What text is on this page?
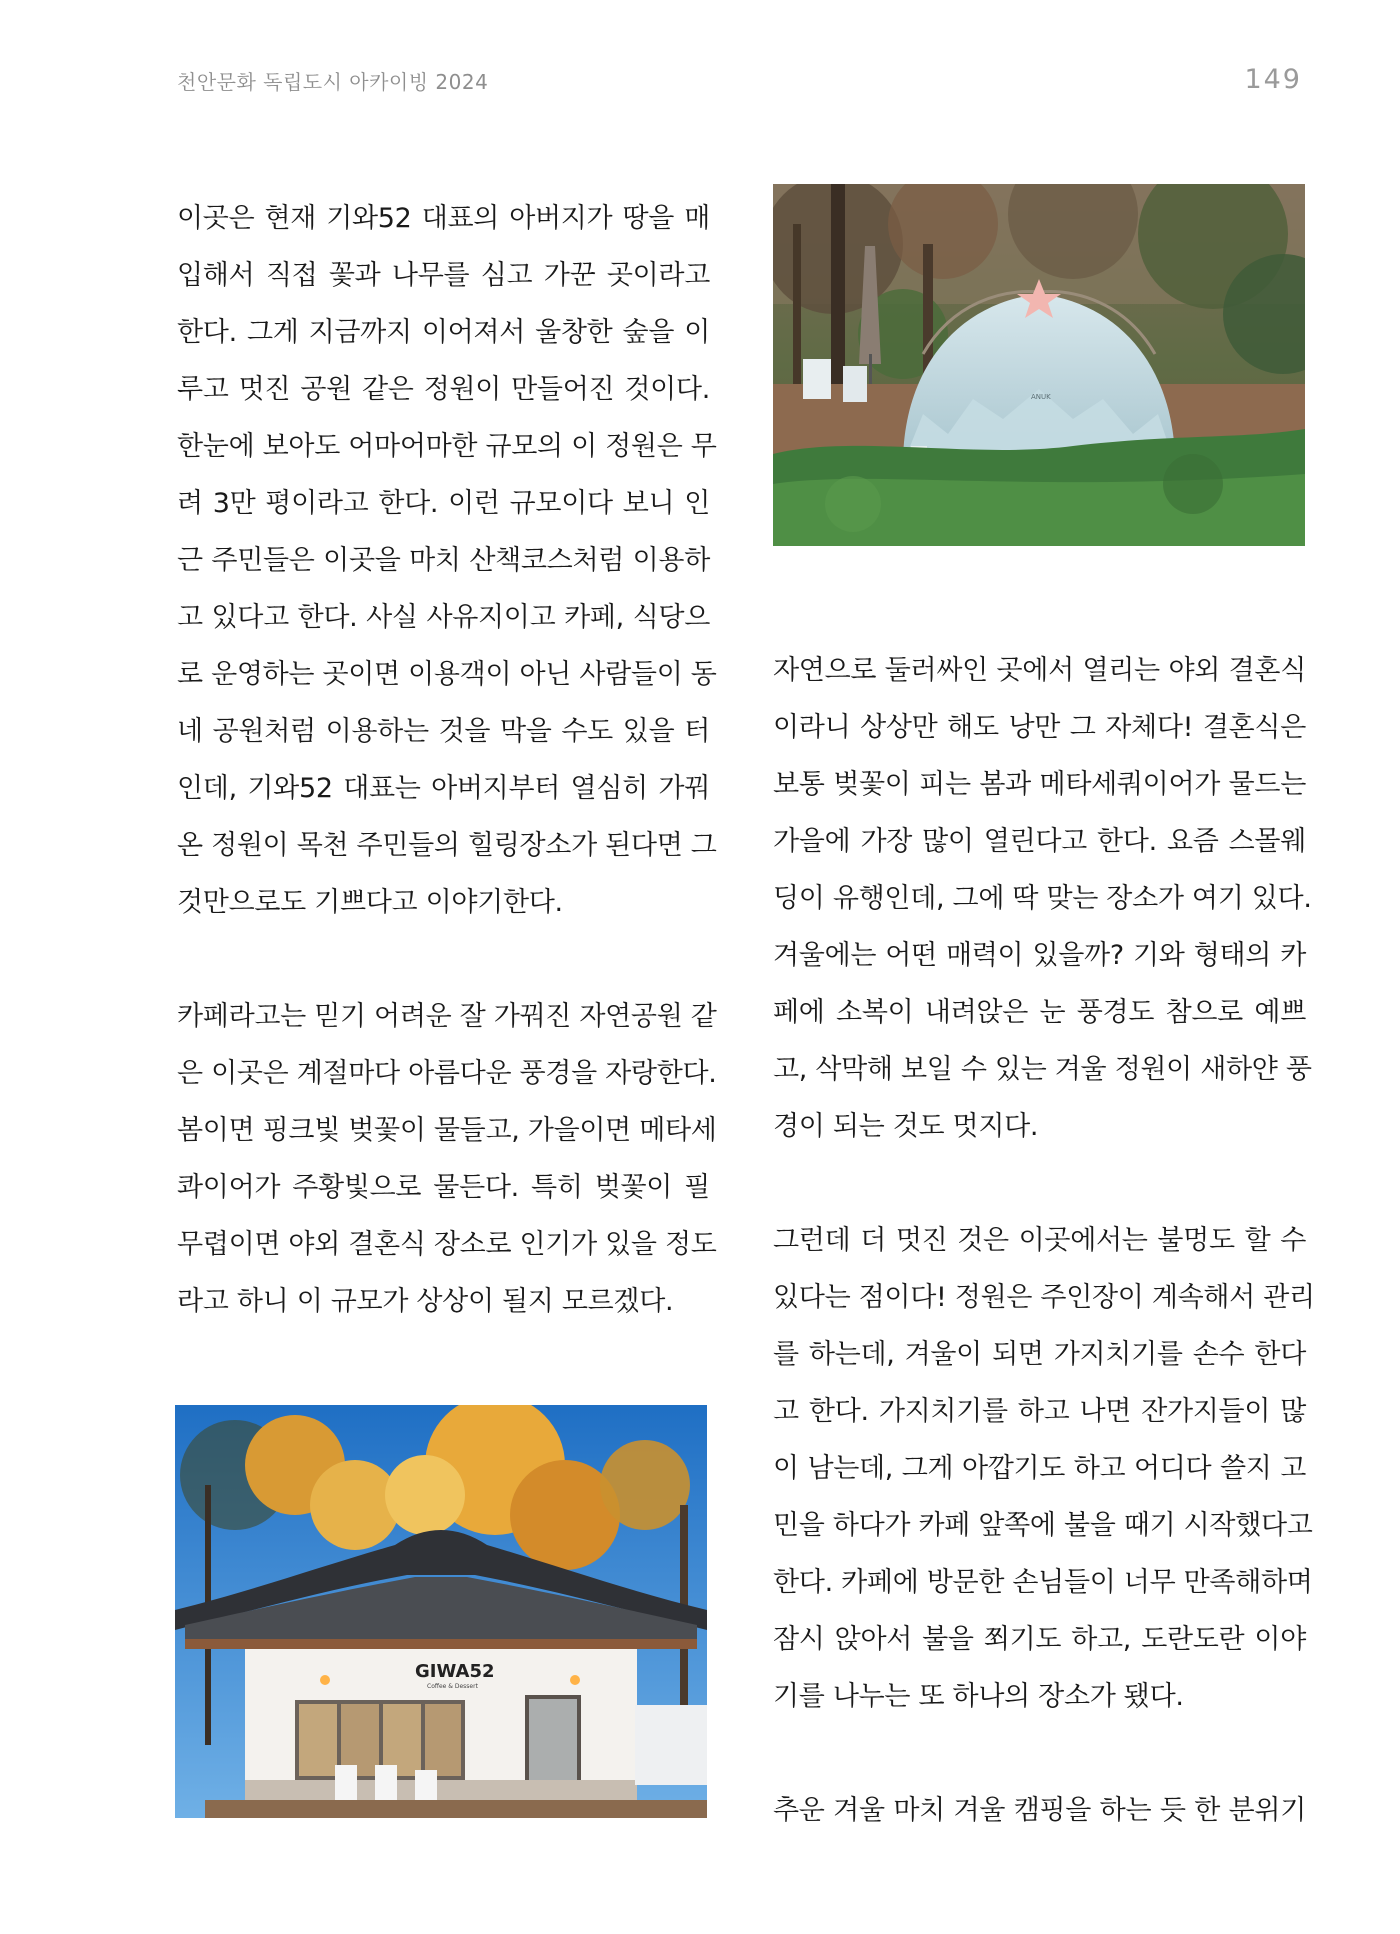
천안문화 독립도시 아카이빙 2024	149
이곳은 현재 기와52 대표의 아버지가 땅을 매
입해서 직접 꽃과 나무를 심고 가꾼 곳이라고
한다. 그게 지금까지 이어져서 울창한 숲을 이
루고 멋진 공원 같은 정원이 만들어진 것이다.
한눈에 보아도 어마어마한 규모의 이 정원은 무
려 3만 평이라고 한다. 이런 규모이다 보니 인
근 주민들은 이곳을 마치 산책코스처럼 이용하
고 있다고 한다. 사실 사유지이고 카페, 식당으
로 운영하는 곳이면 이용객이 아닌 사람들이 동
네 공원처럼 이용하는 것을 막을 수도 있을 터
인데, 기와52 대표는 아버지부터 열심히 가꿔
온 정원이 목천 주민들의 힐링장소가 된다면 그
것만으로도 기쁘다고 이야기한다.
카페라고는 믿기 어려운 잘 가꿔진 자연공원 같
은 이곳은 계절마다 아름다운 풍경을 자랑한다.
봄이면 핑크빛 벚꽃이 물들고, 가을이면 메타세
콰이어가 주황빛으로 물든다. 특히 벚꽃이 필
무렵이면 야외 결혼식 장소로 인기가 있을 정도
라고 하니 이 규모가 상상이 될지 모르겠다.
자연으로 둘러싸인 곳에서 열리는 야외 결혼식
이라니 상상만 해도 낭만 그 자체다! 결혼식은
보통 벚꽃이 피는 봄과 메타세쿼이어가 물드는
가을에 가장 많이 열린다고 한다. 요즘 스몰웨
딩이 유행인데, 그에 딱 맞는 장소가 여기 있다.
겨울에는 어떤 매력이 있을까? 기와 형태의 카
페에 소복이 내려앉은 눈 풍경도 참으로 예쁘
고, 삭막해 보일 수 있는 겨울 정원이 새하얀 풍
경이 되는 것도 멋지다.
그런데 더 멋진 것은 이곳에서는 불멍도 할 수
있다는 점이다! 정원은 주인장이 계속해서 관리
를 하는데, 겨울이 되면 가지치기를 손수 한다
고 한다. 가지치기를 하고 나면 잔가지들이 많
이 남는데, 그게 아깝기도 하고 어디다 쓸지 고
민을 하다가 카페 앞쪽에 불을 때기 시작했다고
한다. 카페에 방문한 손님들이 너무 만족해하며
잠시 앉아서 불을 쬐기도 하고, 도란도란 이야
기를 나누는 또 하나의 장소가 됐다.
추운 겨울 마치 겨울 캠핑을 하는 듯 한 분위기
ANUK
GIWA52
Coffee & Dessert
